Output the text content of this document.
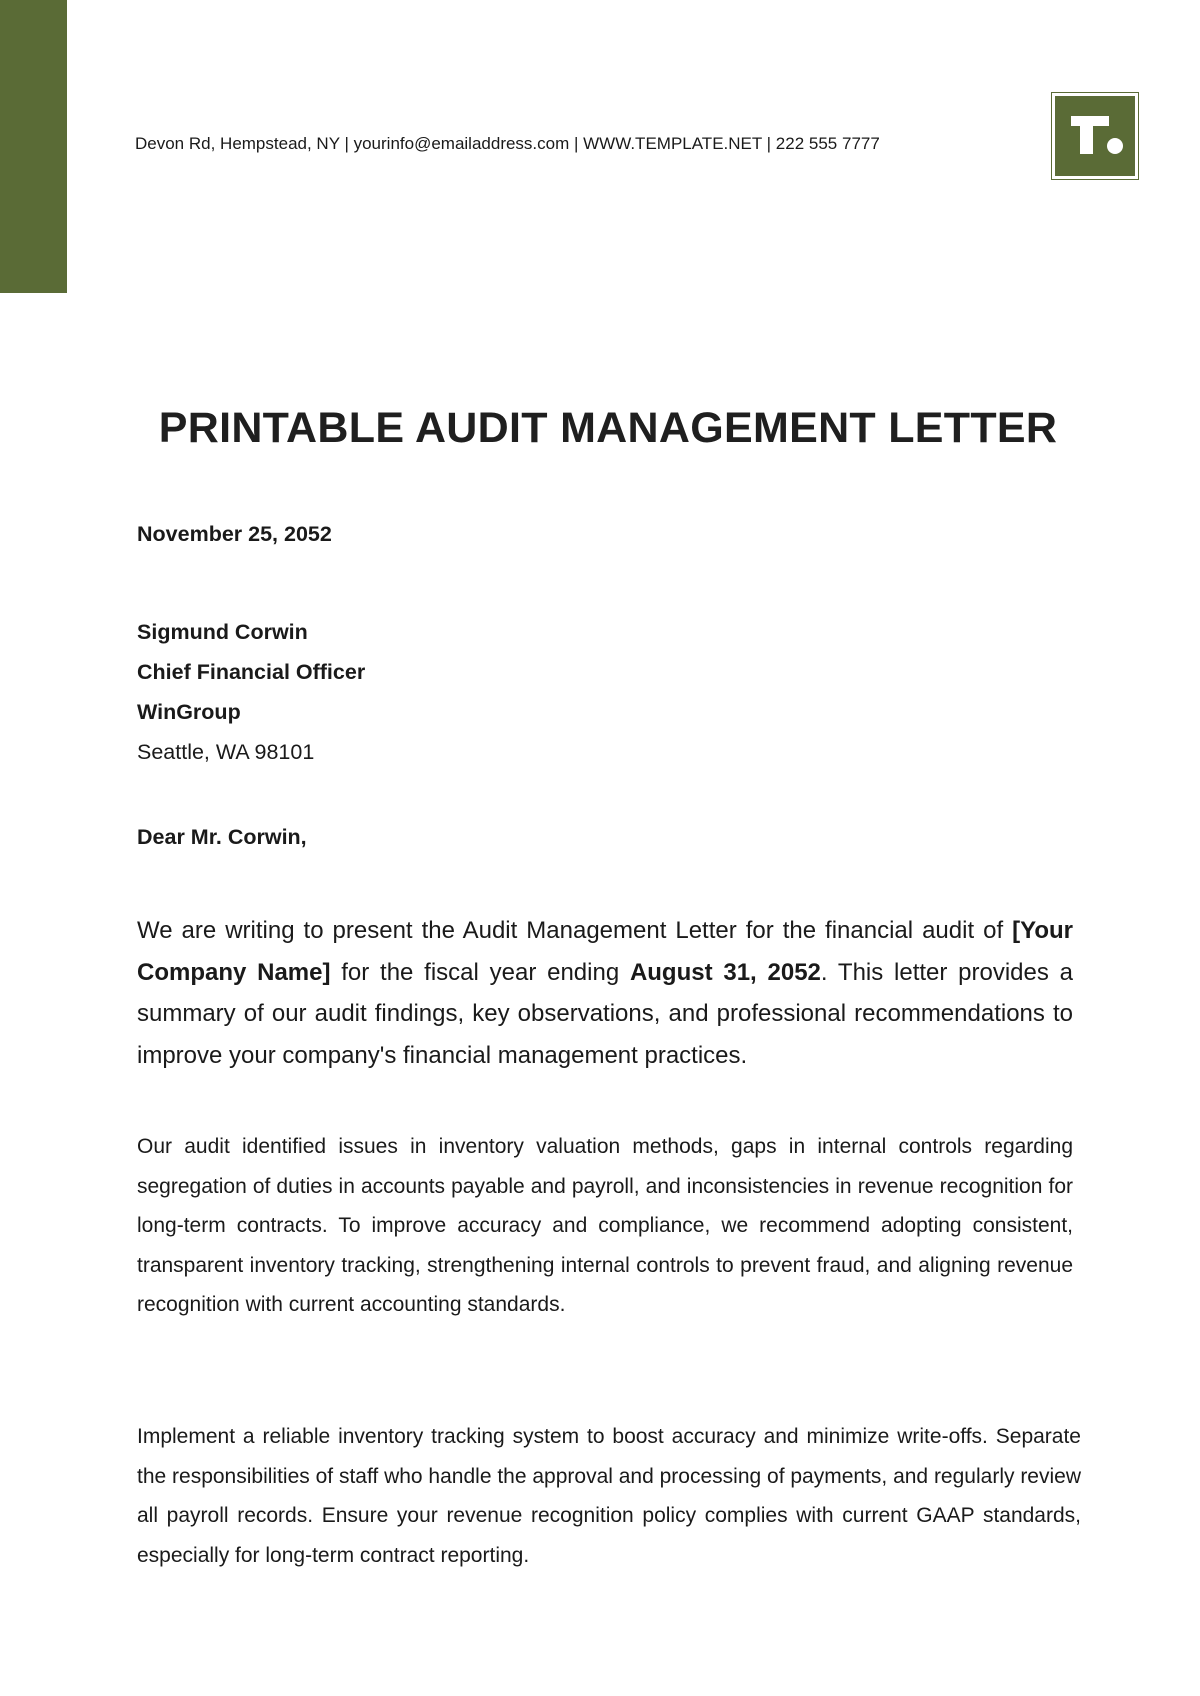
Devon Rd, Hempstead, NY | yourinfo@emailaddress.com | WWW.TEMPLATE.NET | 222 555 7777
PRINTABLE AUDIT MANAGEMENT LETTER
November 25, 2052
Sigmund Corwin
Chief Financial Officer
WinGroup
Seattle, WA 98101
Dear Mr. Corwin,

We are writing to present the Audit Management Letter for the financial audit of [Your Company Name] for the fiscal year ending August 31, 2052. This letter provides a summary of our audit findings, key observations, and professional recommendations to improve your company's financial management practices.

Our audit identified issues in inventory valuation methods, gaps in internal controls regarding segregation of duties in accounts payable and payroll, and inconsistencies in revenue recognition for long-term contracts. To improve accuracy and compliance, we recommend adopting consistent, transparent inventory tracking, strengthening internal controls to prevent fraud, and aligning revenue recognition with current accounting standards.

Implement a reliable inventory tracking system to boost accuracy and minimize write-offs. Separate the responsibilities of staff who handle the approval and processing of payments, and regularly review all payroll records. Ensure your revenue recognition policy complies with current GAAP standards, especially for long-term contract reporting.
